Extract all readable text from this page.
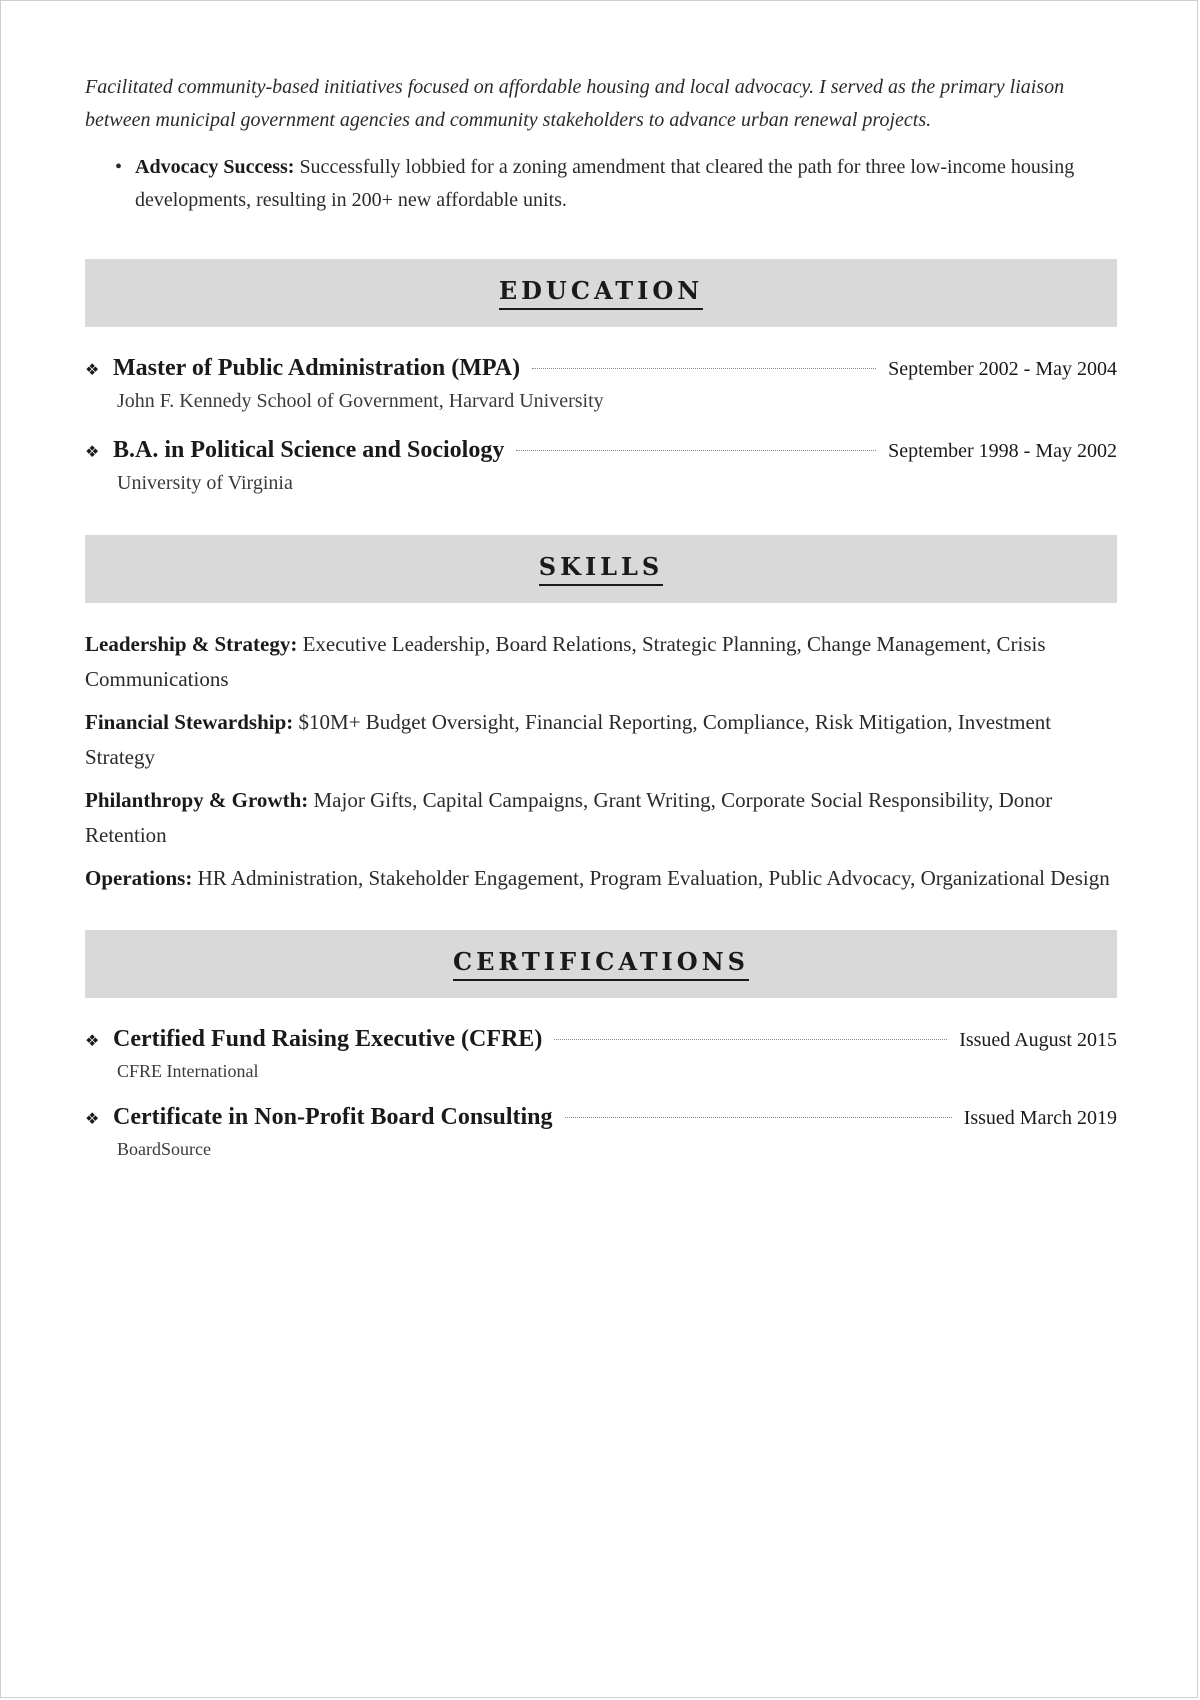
Facilitated community-based initiatives focused on affordable housing and local advocacy. I served as the primary liaison between municipal government agencies and community stakeholders to advance urban renewal projects.

• Advocacy Success: Successfully lobbied for a zoning amendment that cleared the path for three low-income housing developments, resulting in 200+ new affordable units.
EDUCATION
❖ Master of Public Administration (MPA)	September 2002 - May 2004
John F. Kennedy School of Government, Harvard University
❖ B.A. in Political Science and Sociology	September 1998 - May 2002
University of Virginia
SKILLS

Leadership & Strategy: Executive Leadership, Board Relations, Strategic Planning, Change Management, Crisis Communications

Financial Stewardship: $10M+ Budget Oversight, Financial Reporting, Compliance, Risk Mitigation, Investment Strategy

Philanthropy & Growth: Major Gifts, Capital Campaigns, Grant Writing, Corporate Social Responsibility, Donor Retention

Operations: HR Administration, Stakeholder Engagement, Program Evaluation, Public Advocacy, Organizational Design

CERTIFICATIONS
❖ Certified Fund Raising Executive (CFRE)	Issued August 2015
CFRE International
❖ Certificate in Non-Profit Board Consulting	Issued March 2019
BoardSource
